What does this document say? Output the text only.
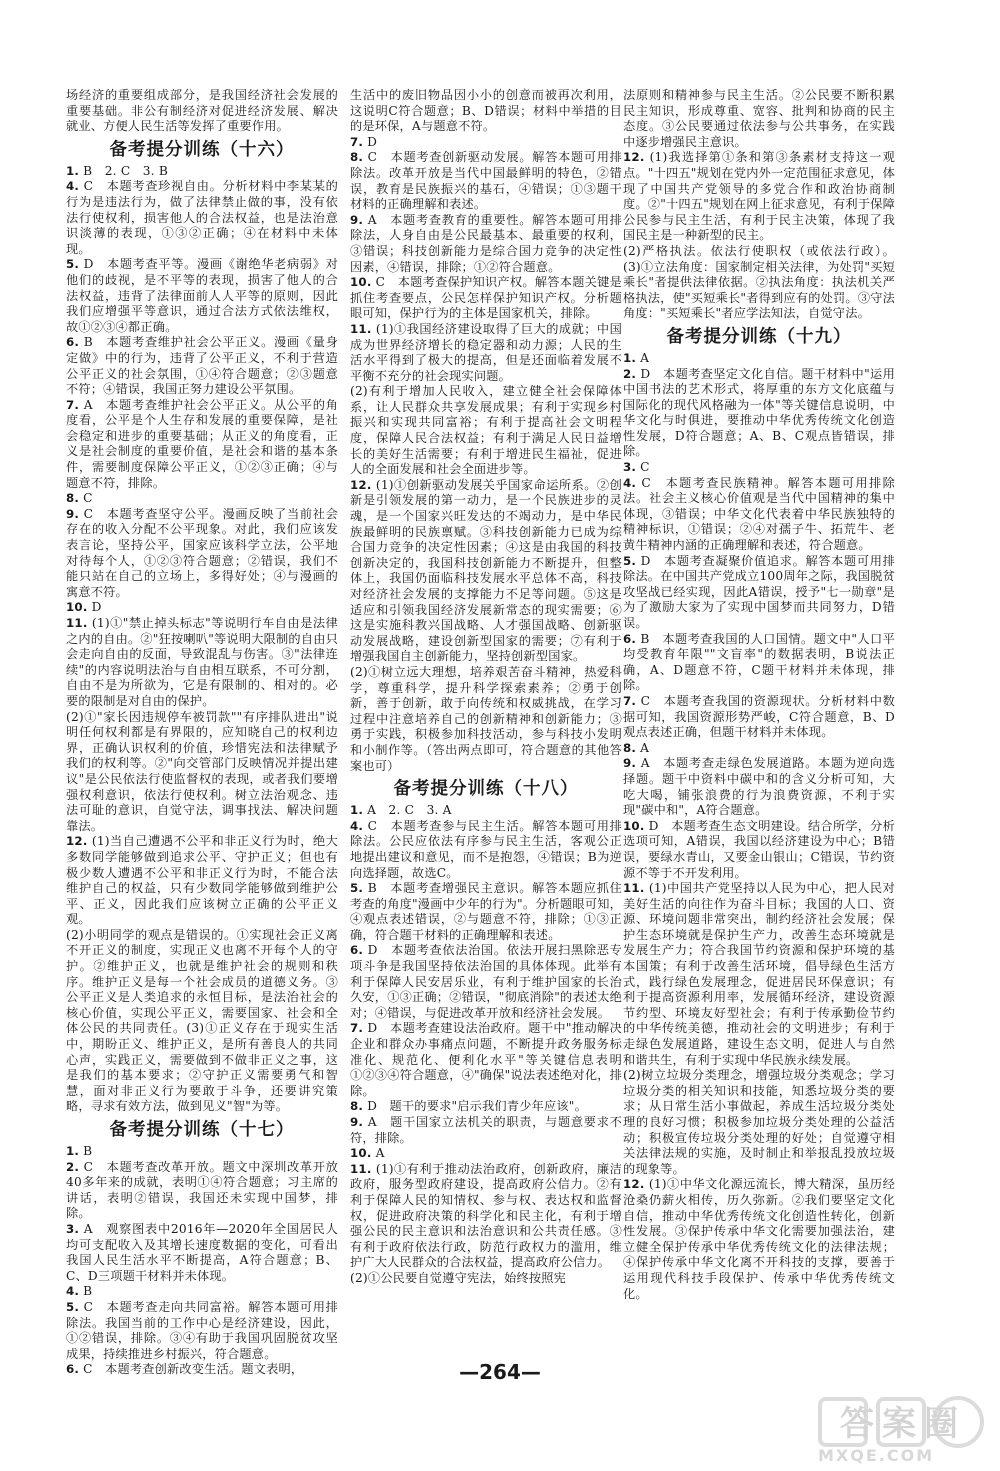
场经济的重要组成部分，是我国经济社会发展的重要基础。非公有制经济对促进经济发展、解决就业、方便人民生活等发挥了重要作用。
备考提分训练（十六）
1. B　2. C　3. B
4. C　本题考查珍视自由。分析材料中李某某的行为是违法行为，做了法律禁止做的事，没有依法行使权利，损害他人的合法权益，也是法治意识淡薄的表现，①③②正确；④在材料中未体现。
5. D　本题考查平等。漫画《谢绝华老病弱》对他们的歧视，是不平等的表现，损害了他人的合法权益，违背了法律面前人人平等的原则，因此我们应增强平等意识，通过合法方式依法维权，故①②③④都正确。
6. B　本题考查维护社会公平正义。漫画《量身定做》中的行为，违背了公平正义，不利于营造公平正义的社会氛围，①④符合题意；②③题意不符；④错误，我国正努力建设公平氛围。
7. A　本题考查维护社会公平正义。从公平的角度看，公平是个人生存和发展的重要保障，是社会稳定和进步的重要基础；从正义的角度看，正义是社会制度的重要价值，是社会和谐的基本条件，需要制度保障公平正义，①②③正确；④与题意不符，排除。
8. C
9. C　本题考查坚守公平。漫画反映了当前社会存在的收入分配不公平现象。对此，我们应该发表言论，坚持公平，国家应该科学立法，公平地对待每个人，①②③符合题意；②错误，我们不能只站在自己的立场上，多得好处；④与漫画的寓意不符。
10. D
11. (1)①"禁止掉头标志"等说明行车自由是法律之内的自由。②"狂按喇叭"等说明大限制的自由只会走向自由的反面，导致混乱与伤害。③"法律连续"的内容说明法治与自由相互联系，不可分割，自由不是为所欲为，它是有限制的、相对的。必要的限制是对自由的保护。
(2)①"家长因违规停车被罚款""有序排队进出"说明任何权利都是有界限的，应知晓自己的权利边界，正确认识权利的价值，珍惜宪法和法律赋予我们的权利等。②"向交管部门反映情况并提出建议"是公民依法行使监督权的表现，或者我们要增强权利意识，依法行使权利。树立法治观念、违法可耻的意识，自觉守法，调事找法、解决问题靠法。
12. (1)当自己遭遇不公平和非正义行为时，绝大多数同学能够做到追求公平、守护正义；但也有极少数人遭遇不公平和非正义行为时，不能合法维护自己的权益，只有少数同学能够做到维护公平、正义，因此我们应该树立正确的公平正义观。
(2)小明同学的观点是错误的。①实现社会正义离不开正义的制度，实现正义也离不开每个人的守护。②维护正义，也就是维护社会的规则和秩序。维护正义是每一个社会成员的道德义务。③公平正义是人类追求的永恒目标，是法治社会的核心价值，实现公平正义，需要国家、社会和全体公民的共同责任。(3)①正义存在于现实生活中，期盼正义、维护正义，是所有善良人的共同心声，实践正义，需要做到不做非正义之事，这是我们的基本要求；②守护正义需要勇气和智慧，面对非正义行为要敢于斗争，还要讲究策略，寻求有效方法，做到见义"智"为等。
备考提分训练（十七）
1. B
2. C　本题考查改革开放。题文中深圳改革开放40多年来的成就，表明①④符合题意；习主席的讲话，表明②错误，我国还未实现中国梦，排除。
3. A　观察图表中2016年—2020年全国居民人均可支配收入及其增长速度数据的变化，可看出我国人民生活水平不断提高，A符合题意；B、C、D三项题干材料并未体现。
4. B
5. C　本题考查走向共同富裕。解答本题可用排除法。我国当前的工作中心是经济建设，因此，①②错误，排除。③④有助于我国巩固脱贫攻坚成果，持续推进乡村振兴，符合题意。
6. C　本题考查创新改变生活。题文表明，
生活中的废旧物品因小小的创意而被再次利用，这说明C符合题意；B、D错误；材料中举措的目的是环保，A与题意不符。
7. D
8. C　本题考查创新驱动发展。解答本题可用排除法。改革开放是当代中国最鲜明的特色，②错误，教育是民族振兴的基石，④错误；①③题干材料的正确理解和表述。
9. A　本题考查教育的重要性。解答本题可用排除法，人身自由是公民最基本、最重要的权利，③错误；科技创新能力是综合国力竞争的决定性因素，④错误，排除；①②符合题意。
10. C　本题考查保护知识产权。解答本题关键是抓住考查要点，公民怎样保护知识产权。分析题眼可知，保护行为的主体是国家机关，排除。
11. (1)①我国经济建设取得了巨大的成就；中国成为世界经济增长的稳定器和动力源；人民的生活水平得到了极大的提高，但是还面临着发展不平衡不充分的社会现实问题。
(2)有利于增加人民收入，建立健全社会保障体系，让人民群众共享发展成果；有利于实现乡村振兴和实现共同富裕；有利于提高社会文明程度，保障人民合法权益；有利于满足人民日益增长的美好生活需要；有利于增进民生福祉，促进人的全面发展和社会全面进步等。
12. (1)①创新驱动发展关乎国家命运所系。②创新是引领发展的第一动力，是一个民族进步的灵魂，是一个国家兴旺发达的不竭动力，是中华民族最鲜明的民族禀赋。③科技创新能力已成为综合国力竞争的决定性因素；④这是由我国的科技创新决定的，我国科技创新能力不断提升，但整体上，我国仍面临科技发展水平总体不高，科技对经济社会发展的支撑能力不足等问题。⑤这是适应和引领我国经济发展新常态的现实需要；⑥这是实施科教兴国战略、人才强国战略、创新驱动发展战略，建设创新型国家的需要；⑦有利于增强我国自主创新能力，坚持创新型国家。
(2)①树立远大理想，培养艰苦奋斗精神，热爱科学，尊重科学，提升科学探索素养；②勇于创新，善于创新，敢于向传统和权威挑战，在学习过程中注意培养自己的创新精神和创新能力；③勇于实践，积极参加科技活动，参与科技小发明和小制作等。（答出两点即可，符合题意的其他答案也可）
备考提分训练（十八）
1. A　2. C　3. A
4. C　本题考查参与民主生活。解答本题可用排除法。公民应依法有序参与民主生活，客观公正地提出建议和意见，而不是抱怨，④错误；B为逆向选择题，故选C。
5. B　本题考查增强民主意识。解答本题应抓住考查的角度"漫画中少年的行为"。分析题眼可知，④观点表述错误，②与题意不符，排除；①③正确，符合题干材料的正确理解和表述。
6. D　本题考查依法治国。依法开展扫黑除恶专项斗争是我国坚持依法治国的具体体现。此举有利于保障人民安居乐业，有利于维护国家的长治久安，①③正确；②错误，"彻底消除"的表述太绝对；④错误，与促进改革开放和经济社会发展。
7. D　本题考查建设法治政府。题干中"推动解决企业和群众办事痛点问题，不断提升政务服务标准化、规范化、便利化水平"等关键信息表明①②③④符合题意，④"确保"说法表述绝对化，排除。
8. D　题干的要求"启示我们青少年应该"。
9. A　题干国家立法机关的职责，与题意要求不符，排除。
10. A
11. (1)①有利于推动法治政府，创新政府，廉洁政府，服务型政府建设，提高政府公信力。②有利于保障人民的知情权、参与权、表达权和监督权，促进政府决策的科学化和民主化，有利于增强公民的民主意识和法治意识和公共责任感。③有利于政府依法行政，防范行政权力的滥用，维护广大人民群众的合法权益，提高政府公信力。
(2)①公民要自觉遵守宪法，始终按照宪
法原则和精神参与民主生活。②公民要不断积累民主知识，形成尊重、宽容、批判和协商的民主态度。③公民要通过依法参与公共事务，在实践中逐步增强民主意识。
12. (1)我选择第①条和第③条素材支持这一观点。"十四五"规划在党内外一定范围征求意见，体现了中国共产党领导的多党合作和政治协商制度。②"十四五"规划在网上征求意见，有利于保障公民参与民主生活，有利于民主决策，体现了我国民主是一种新型的民主。
(2)严格执法。依法行使职权（或依法行政）。(3)①立法角度：国家制定相关法律，为处罚"买短乘长"者提供法律依据。②执法角度：执法机关严格执法，使"买短乘长"者得到应有的处罚。③守法角度："买短乘长"者应学法知法，自觉守法。
备考提分训练（十九）
1. A
2. D　本题考查坚定文化自信。题干材料中"运用中国书法的艺术形式，将厚重的东方文化底蕴与国际化的现代风格融为一体"等关键信息说明，中华文化与时俱进，要推动中华优秀传统文化创造性发展，D符合题意；A、B、C观点皆错误，排除。
3. C
4. C　本题考查民族精神。解答本题可用排除法。社会主义核心价值观是当代中国精神的集中体现，③错误；中华文化代表着中华民族独特的精神标识，①错误；②④对孺子牛、拓荒牛、老黄牛精神内涵的正确理解和表述，符合题意。
5. D　本题考查凝聚价值追求。解答本题可用排除法。在中国共产党成立100周年之际，我国脱贫攻坚战已经实现，因此A错误，授予"七一勋章"是为了激励大家为了实现中国梦而共同努力，D错误。
6. B　本题考查我国的人口国情。题文中"人口平均受教育年限""文盲率"的数据表明，B说法正确，A、D题意不符，C题干材料并未体现，排除。
7. C　本题考查我国的资源现状。分析材料中数据可知，我国资源形势严峻，C符合题意，B、D观点表述正确，但题干材料并未体现。
8. A
9. A　本题考查走绿色发展道路。本题为逆向选择题。题干中资料中碳中和的含义分析可知，大吃大喝，铺张浪费的行为浪费资源，不利于实现"碳中和"，A符合题意。
10. D　本题考查生态文明建设。结合所学，分析选项可知，A错误，我国以经济建设为中心；B错误，要绿水青山，又要金山银山；C错误，节约资源不等于不开发利用。
11. (1)中国共产党坚持以人民为中心，把人民对美好生活的向往作为奋斗目标；我国的人口、资源、环境问题非常突出，制约经济社会发展；保护生态环境就是保护生产力，改善生态环境就是发展生产力；符合我国节约资源和保护环境的基本国策；有利于改善生活环境，倡导绿色生活方式，践行绿色发展理念，促进居民环保意识；有利于提高资源利用率，发展循环经济，建设资源节约型、环境友好型社会；有利于传承勤俭节约的中华传统美德，推动社会的文明进步；有利于走绿色发展道路，建设生态文明，促进人与自然和谐共生，有利于实现中华民族永续发展。
(2)树立垃圾分类理念，增强垃圾分类观念；学习垃圾分类的相关知识和技能，知悉垃圾分类的要求；从日常生活小事做起，养成生活垃圾分类处理的良好习惯；积极参加垃圾分类处理的公益活动；积极宣传垃圾分类处理的好处；自觉遵守相关法律法规的实施，及时制止和举报乱投放垃圾的现象等。
12. (1)①中华文化源远流长，博大精深，虽历经沧桑仍薪火相传，历久弥新。②我们要坚定文化自信，推动中华优秀传统文化创造性转化，创新性发展。③保护传承中华文化需要加强法治，建立健全保护传承中华优秀传统文化的法律法规；④保护传承中华文化离不开科技的支撑，要善于运用现代科技手段保护、传承中华优秀传统文化。
—264—
答案圈
MXQE.COM
